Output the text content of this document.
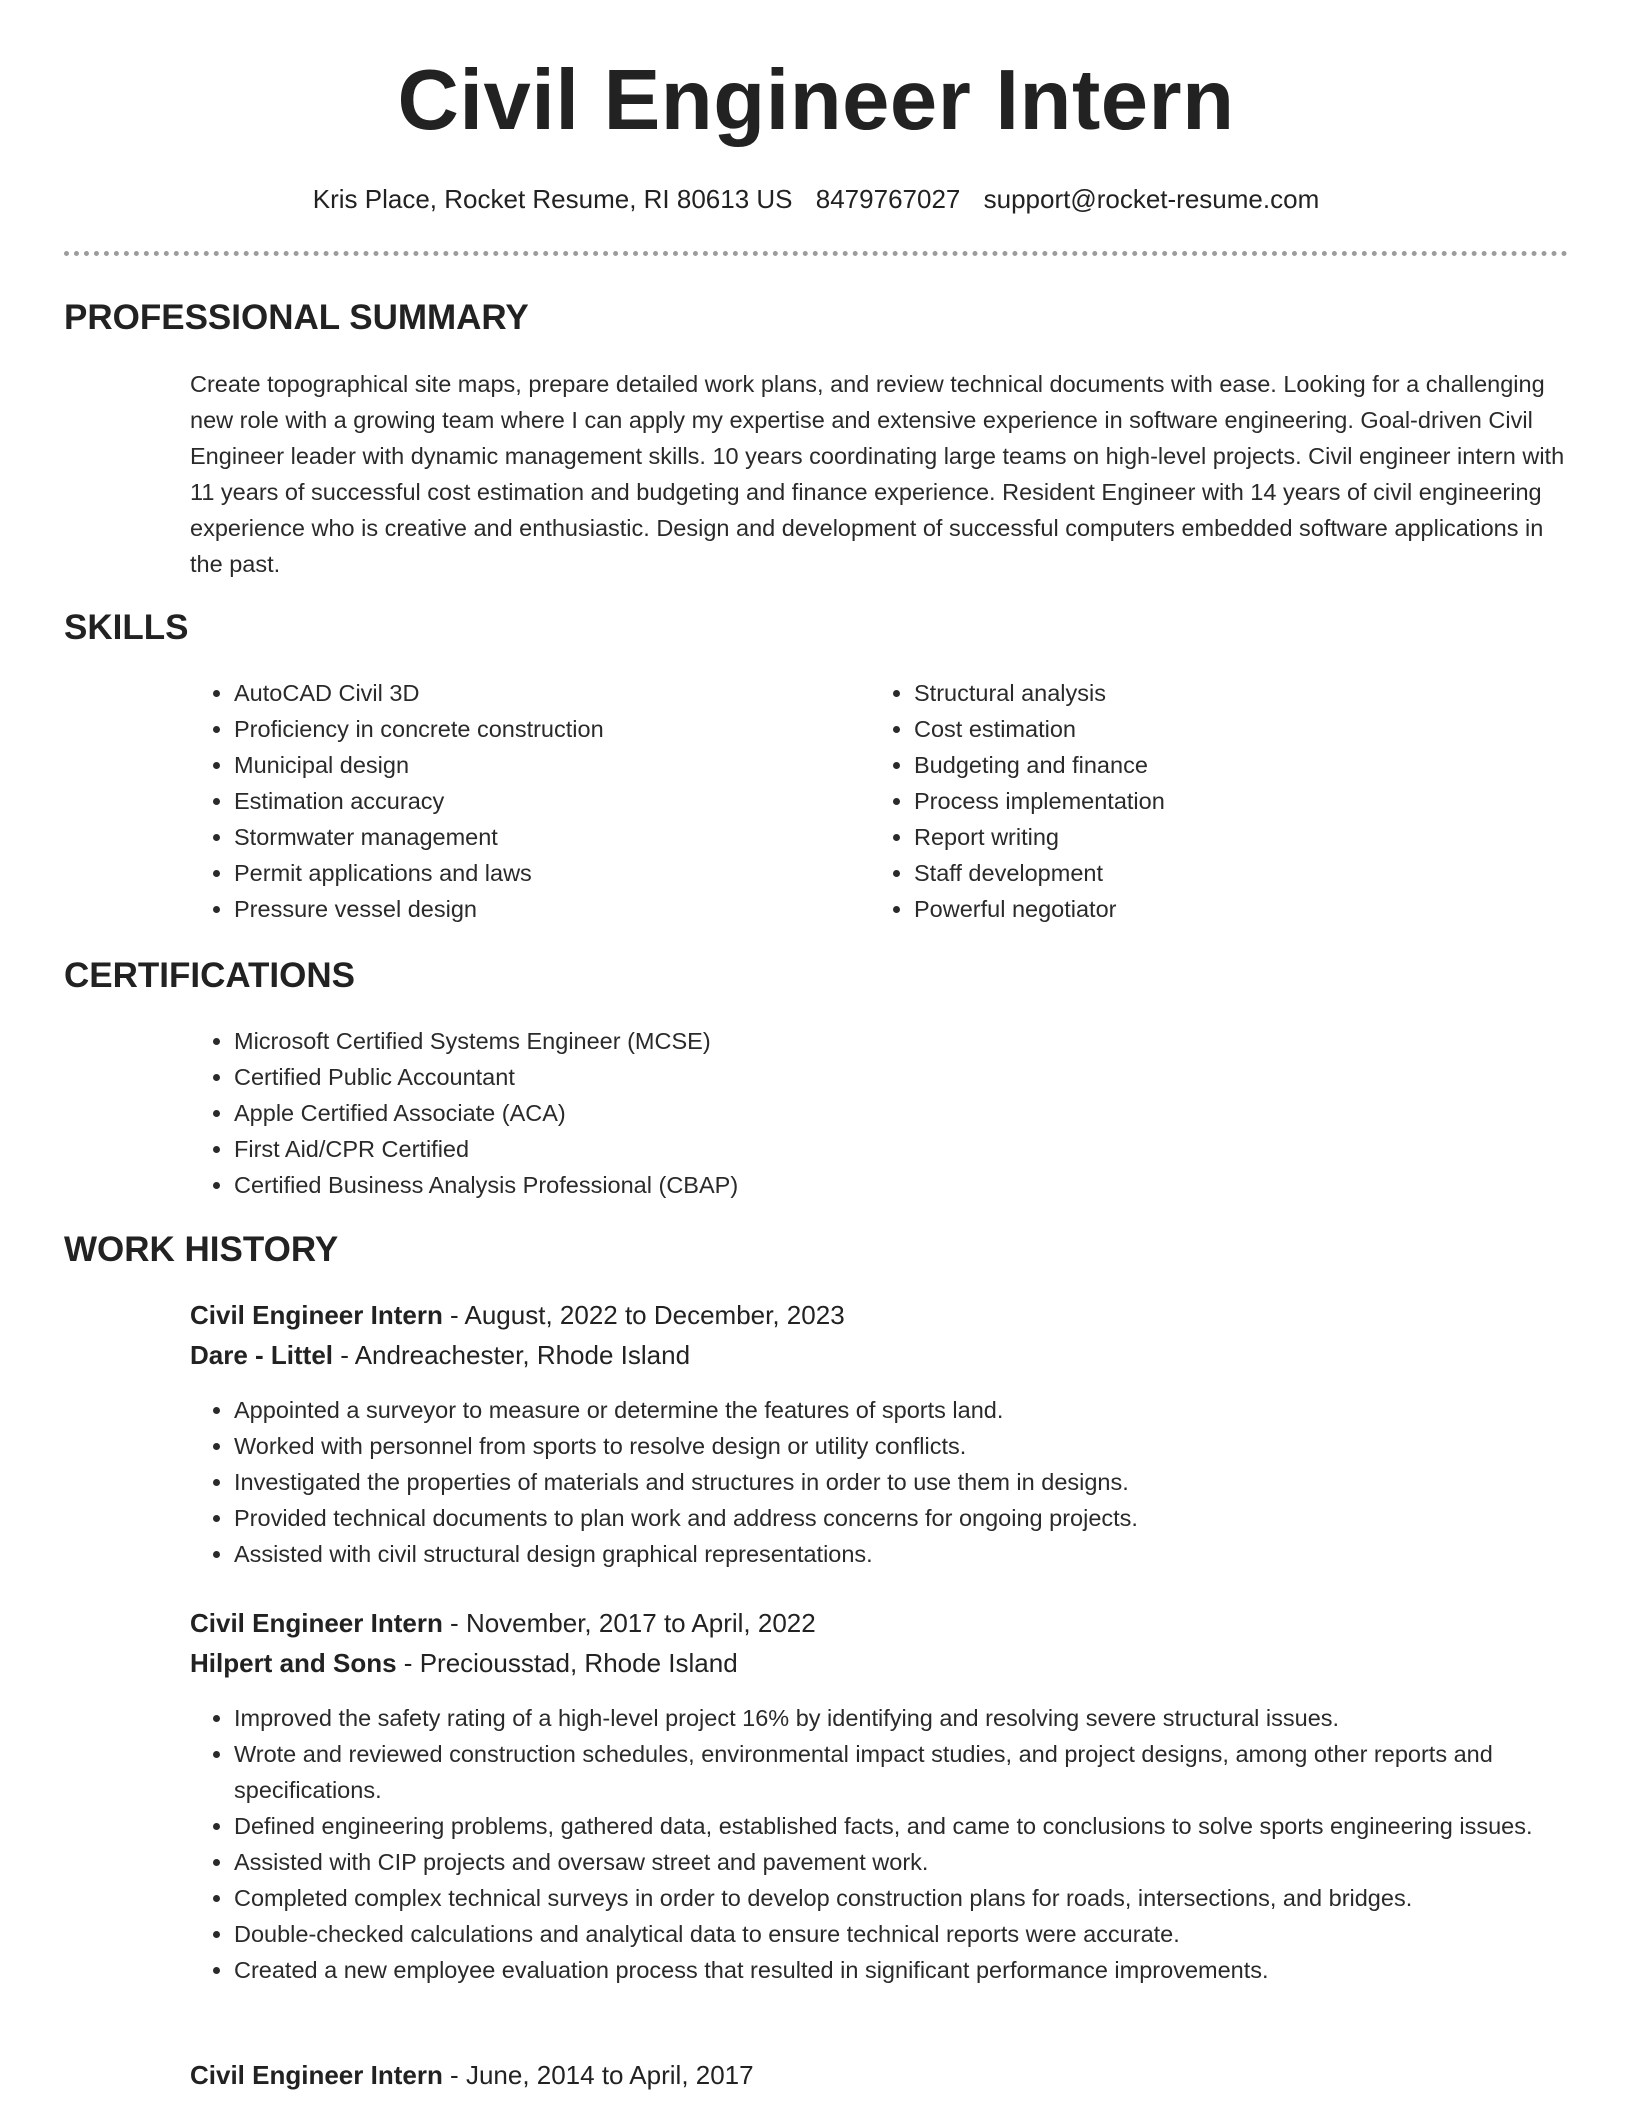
Civil Engineer Intern
Kris Place, Rocket Resume, RI 80613 US 8479767027 support@rocket-resume.com
PROFESSIONAL SUMMARY

Create topographical site maps, prepare detailed work plans, and review technical documents with ease. Looking for a challenging new role with a growing team where I can apply my expertise and extensive experience in software engineering. Goal-driven Civil Engineer leader with dynamic management skills. 10 years coordinating large teams on high-level projects. Civil engineer intern with 11 years of successful cost estimation and budgeting and finance experience. Resident Engineer with 14 years of civil engineering experience who is creative and enthusiastic. Design and development of successful computers embedded software applications in the past.

SKILLS
• AutoCAD Civil 3D
• Proficiency in concrete construction
• Municipal design
• Estimation accuracy
• Stormwater management
• Permit applications and laws
• Pressure vessel design
• Structural analysis
• Cost estimation
• Budgeting and finance
• Process implementation
• Report writing
• Staff development
• Powerful negotiator
CERTIFICATIONS
• Microsoft Certified Systems Engineer (MCSE)
• Certified Public Accountant
• Apple Certified Associate (ACA)
• First Aid/CPR Certified
• Certified Business Analysis Professional (CBAP)
WORK HISTORY
Civil Engineer Intern - August, 2022 to December, 2023
Dare - Littel - Andreachester, Rhode Island
• Appointed a surveyor to measure or determine the features of sports land.
• Worked with personnel from sports to resolve design or utility conflicts.
• Investigated the properties of materials and structures in order to use them in designs.
• Provided technical documents to plan work and address concerns for ongoing projects.
• Assisted with civil structural design graphical representations.
Civil Engineer Intern - November, 2017 to April, 2022
Hilpert and Sons - Preciousstad, Rhode Island
• Improved the safety rating of a high-level project 16% by identifying and resolving severe structural issues.
• Wrote and reviewed construction schedules, environmental impact studies, and project designs, among other reports and specifications.
• Defined engineering problems, gathered data, established facts, and came to conclusions to solve sports engineering issues.
• Assisted with CIP projects and oversaw street and pavement work.
• Completed complex technical surveys in order to develop construction plans for roads, intersections, and bridges.
• Double-checked calculations and analytical data to ensure technical reports were accurate.
• Created a new employee evaluation process that resulted in significant performance improvements.
Civil Engineer Intern - June, 2014 to April, 2017
